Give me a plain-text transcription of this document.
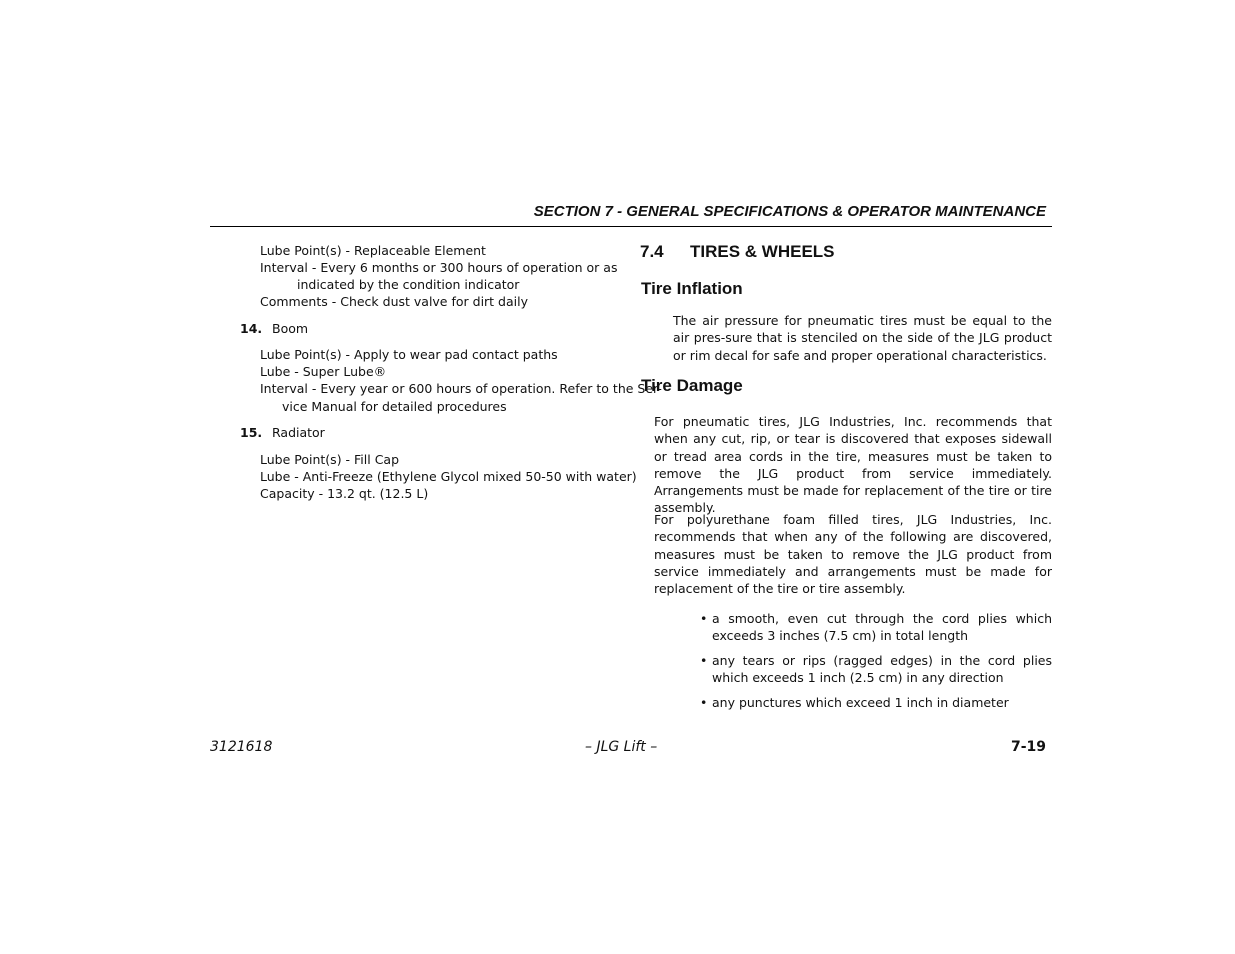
SECTION 7 - GENERAL SPECIFICATIONS & OPERATOR MAINTENANCE
Lube Point(s) - Replaceable Element
Interval - Every 6 months or 300 hours of operation or as
indicated by the condition indicator
Comments - Check dust valve for dirt daily
14. Boom
Lube Point(s) - Apply to wear pad contact paths
Lube - Super Lube®
Interval - Every year or 600 hours of operation. Refer to the Ser-
vice Manual for detailed procedures
15. Radiator
Lube Point(s) - Fill Cap
Lube - Anti-Freeze (Ethylene Glycol mixed 50-50 with water)
Capacity - 13.2 qt. (12.5 L)
7.4 TIRES & WHEELS
Tire Inflation
The air pressure for pneumatic tires must be equal to the air pres-sure that is stenciled on the side of the JLG product or rim decal for safe and proper operational characteristics.
Tire Damage
For pneumatic tires, JLG Industries, Inc. recommends that when any cut, rip, or tear is discovered that exposes sidewall or tread area cords in the tire, measures must be taken to remove the JLG product from service immediately. Arrangements must be made for replacement of the tire or tire assembly.
For polyurethane foam filled tires, JLG Industries, Inc. recommends that when any of the following are discovered, measures must be taken to remove the JLG product from service immediately and arrangements must be made for replacement of the tire or tire assembly.
• a smooth, even cut through the cord plies which exceeds 3 inches (7.5 cm) in total length
• any tears or rips (ragged edges) in the cord plies which exceeds 1 inch (2.5 cm) in any direction
• any punctures which exceed 1 inch in diameter
3121618	– JLG Lift –	7-19
